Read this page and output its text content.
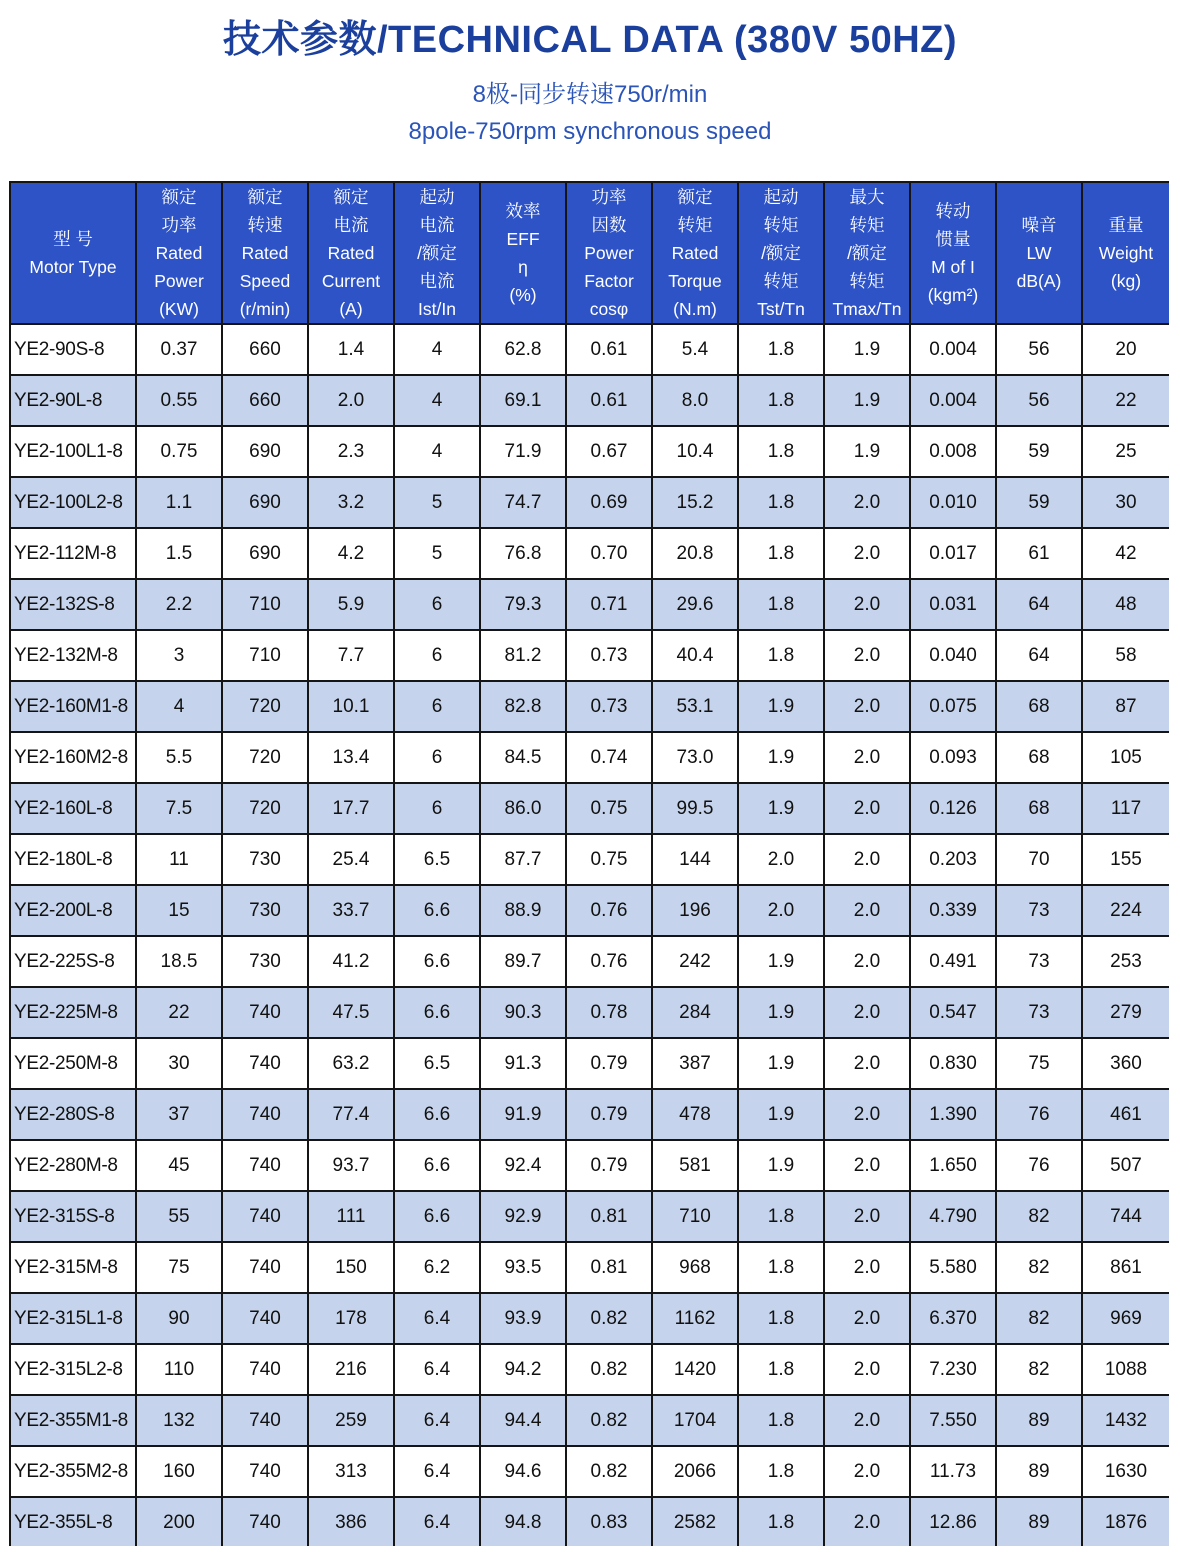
技术参数/TECHNICAL DATA (380V 50HZ)
8极-同步转速750r/min
8pole-750rpm synchronous speed
型 号
Motor Type	额定
功率
Rated
Power
(KW)	额定
转速
Rated
Speed
(r/min)	额定
电流
Rated
Current
(A)	起动
电流
/额定
电流
Ist/In	效率
EFF
η
(%)	功率
因数
Power
Factor
cosφ	额定
转矩
Rated
Torque
(N.m)	起动
转矩
/额定
转矩
Tst/Tn	最大
转矩
/额定
转矩
Tmax/Tn	转动
惯量
M of I
(kgm²)	噪音
LW
dB(A)	重量
Weight
(kg)

YE2-90S-8	0.37	660	1.4	4	62.8	0.61	5.4	1.8	1.9	0.004	56	20
YE2-90L-8	0.55	660	2.0	4	69.1	0.61	8.0	1.8	1.9	0.004	56	22
YE2-100L1-8	0.75	690	2.3	4	71.9	0.67	10.4	1.8	1.9	0.008	59	25
YE2-100L2-8	1.1	690	3.2	5	74.7	0.69	15.2	1.8	2.0	0.010	59	30
YE2-112M-8	1.5	690	4.2	5	76.8	0.70	20.8	1.8	2.0	0.017	61	42
YE2-132S-8	2.2	710	5.9	6	79.3	0.71	29.6	1.8	2.0	0.031	64	48
YE2-132M-8	3	710	7.7	6	81.2	0.73	40.4	1.8	2.0	0.040	64	58
YE2-160M1-8	4	720	10.1	6	82.8	0.73	53.1	1.9	2.0	0.075	68	87
YE2-160M2-8	5.5	720	13.4	6	84.5	0.74	73.0	1.9	2.0	0.093	68	105
YE2-160L-8	7.5	720	17.7	6	86.0	0.75	99.5	1.9	2.0	0.126	68	117
YE2-180L-8	11	730	25.4	6.5	87.7	0.75	144	2.0	2.0	0.203	70	155
YE2-200L-8	15	730	33.7	6.6	88.9	0.76	196	2.0	2.0	0.339	73	224
YE2-225S-8	18.5	730	41.2	6.6	89.7	0.76	242	1.9	2.0	0.491	73	253
YE2-225M-8	22	740	47.5	6.6	90.3	0.78	284	1.9	2.0	0.547	73	279
YE2-250M-8	30	740	63.2	6.5	91.3	0.79	387	1.9	2.0	0.830	75	360
YE2-280S-8	37	740	77.4	6.6	91.9	0.79	478	1.9	2.0	1.390	76	461
YE2-280M-8	45	740	93.7	6.6	92.4	0.79	581	1.9	2.0	1.650	76	507
YE2-315S-8	55	740	111	6.6	92.9	0.81	710	1.8	2.0	4.790	82	744
YE2-315M-8	75	740	150	6.2	93.5	0.81	968	1.8	2.0	5.580	82	861
YE2-315L1-8	90	740	178	6.4	93.9	0.82	1162	1.8	2.0	6.370	82	969
YE2-315L2-8	110	740	216	6.4	94.2	0.82	1420	1.8	2.0	7.230	82	1088
YE2-355M1-8	132	740	259	6.4	94.4	0.82	1704	1.8	2.0	7.550	89	1432
YE2-355M2-8	160	740	313	6.4	94.6	0.82	2066	1.8	2.0	11.73	89	1630
YE2-355L-8	200	740	386	6.4	94.8	0.83	2582	1.8	2.0	12.86	89	1876
